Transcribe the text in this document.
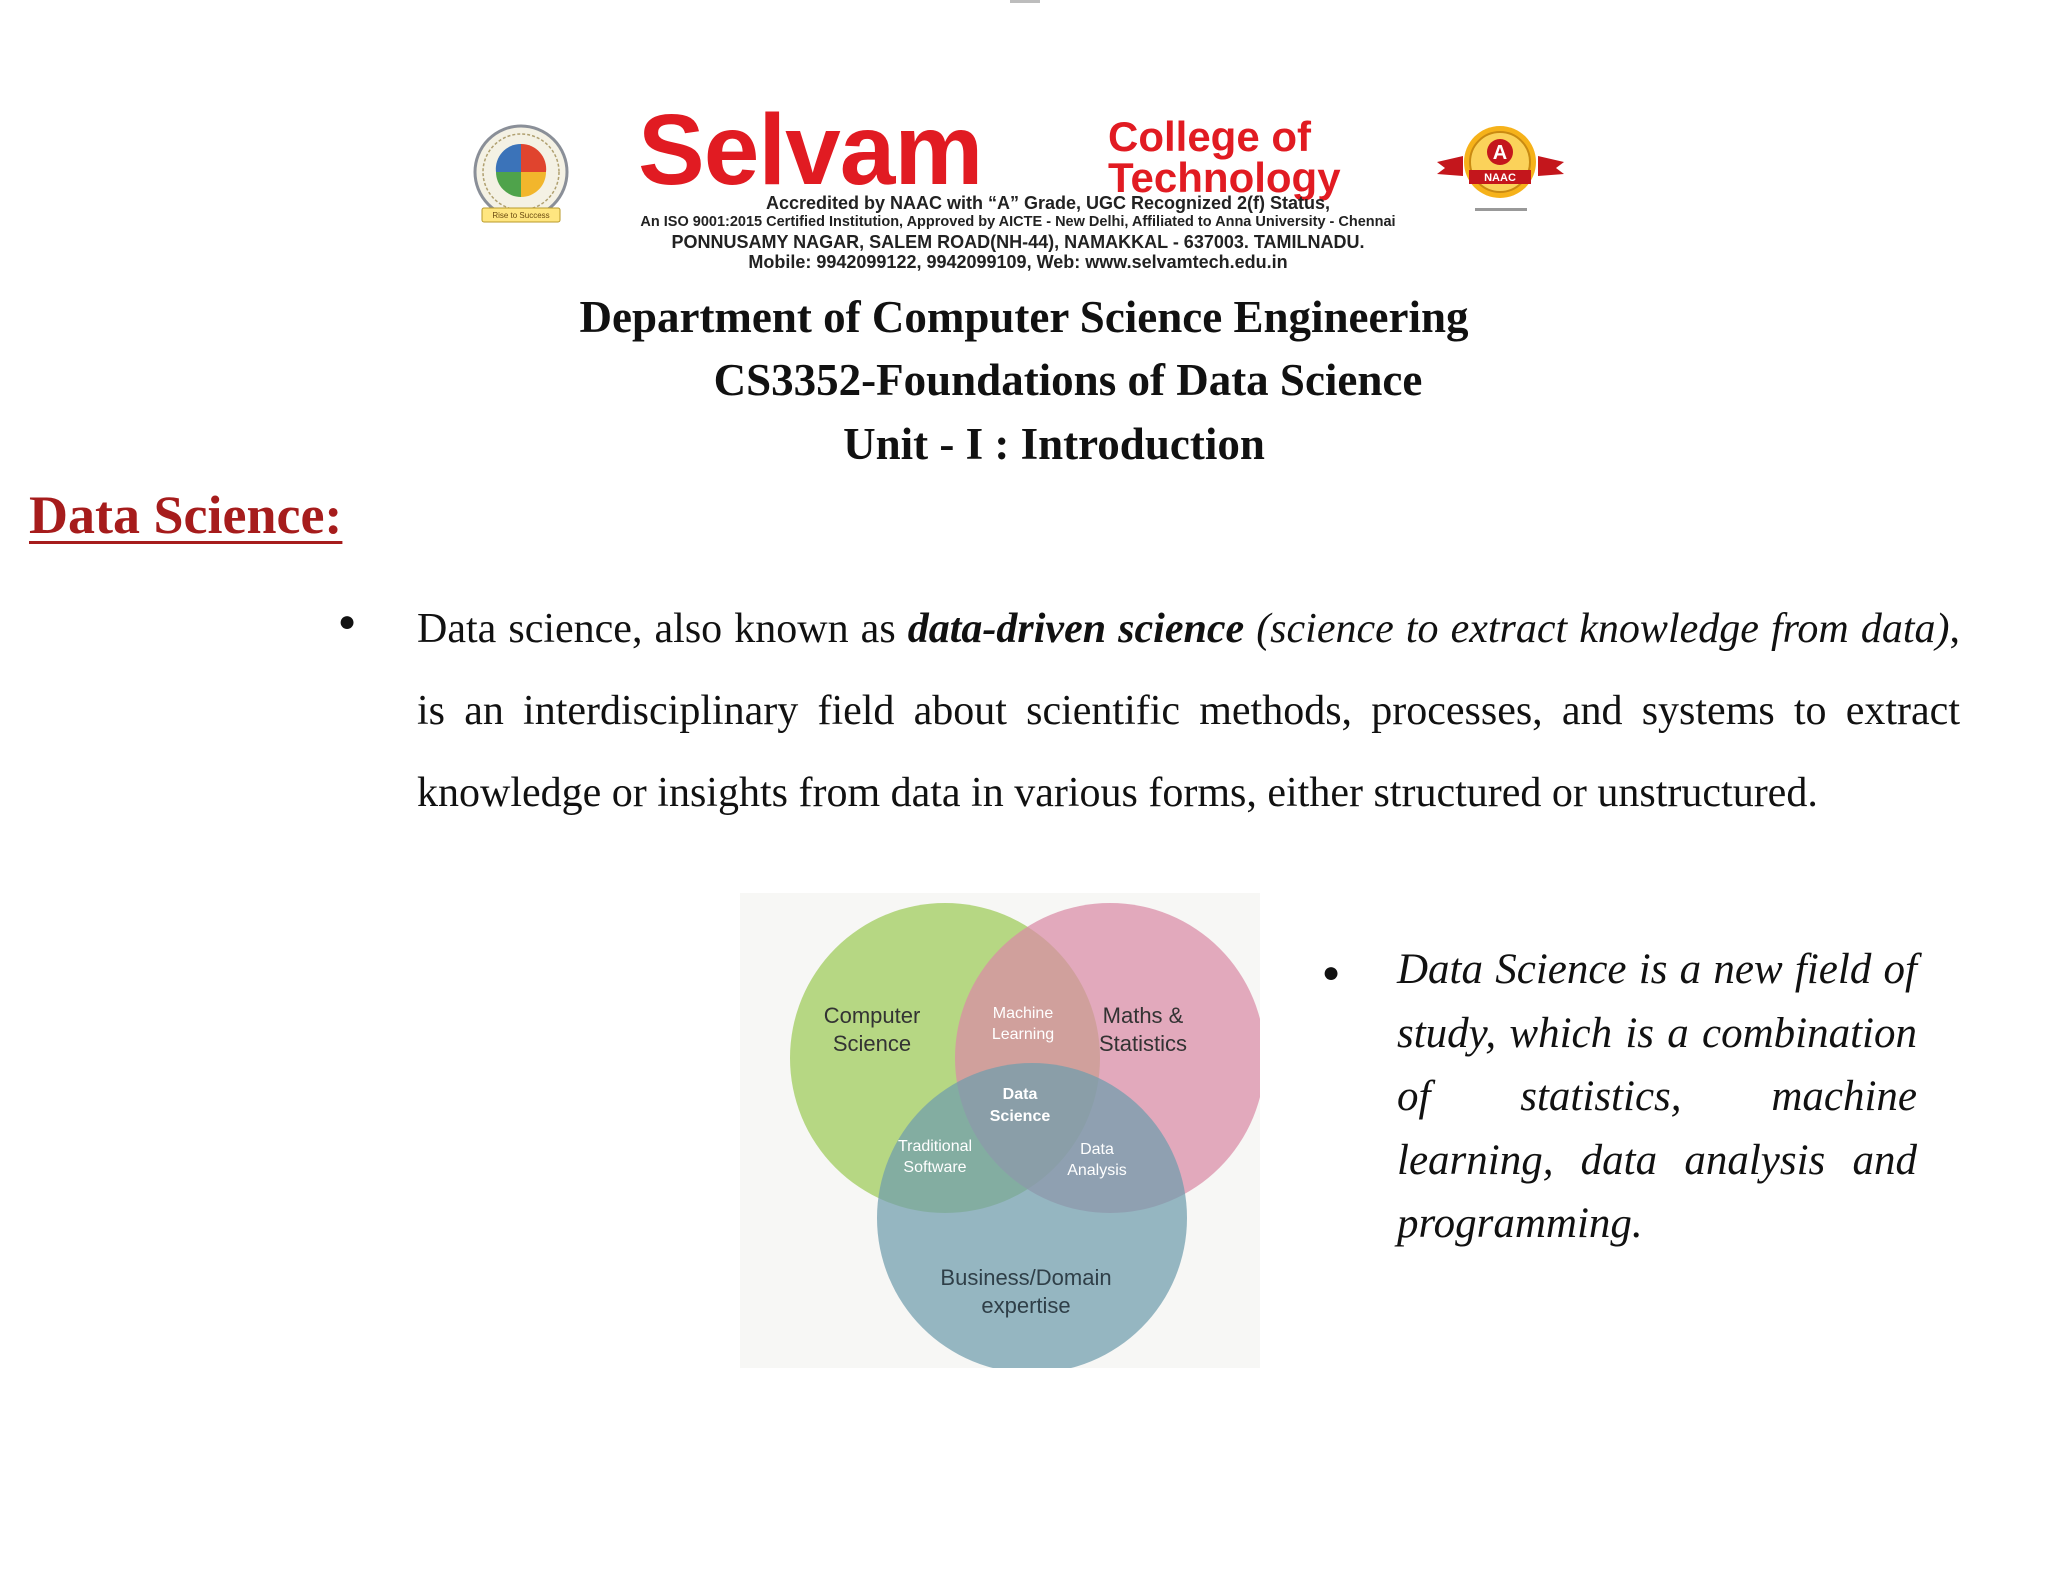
Rise to Success
Selvam	College of
Technology
A
NAAC
Accredited by NAAC with “A” Grade, UGC Recognized 2(f) Status,
An ISO 9001:2015 Certified Institution, Approved by AICTE - New Delhi, Affiliated to Anna University - Chennai
PONNUSAMY NAGAR, SALEM ROAD(NH-44), NAMAKKAL - 637003. TAMILNADU.
Mobile: 9942099122, 9942099109, Web: www.selvamtech.edu.in
Department of Computer Science Engineering
CS3352-Foundations of Data Science
Unit - I : Introduction
Data Science:
● Data science, also known as data-driven science (science to extract knowledge from data), is an interdisciplinary field about scientific methods, processes, and systems to extract knowledge or insights from data in various forms, either structured or unstructured.
Computer
Science
Maths &
Statistics
Business/Domain
expertise
Machine
Learning
Traditional
Software
Data
Analysis
Data
Science
● Data Science is a new field of study, which is a combination of statistics, machine learning, data analysis and programming.
